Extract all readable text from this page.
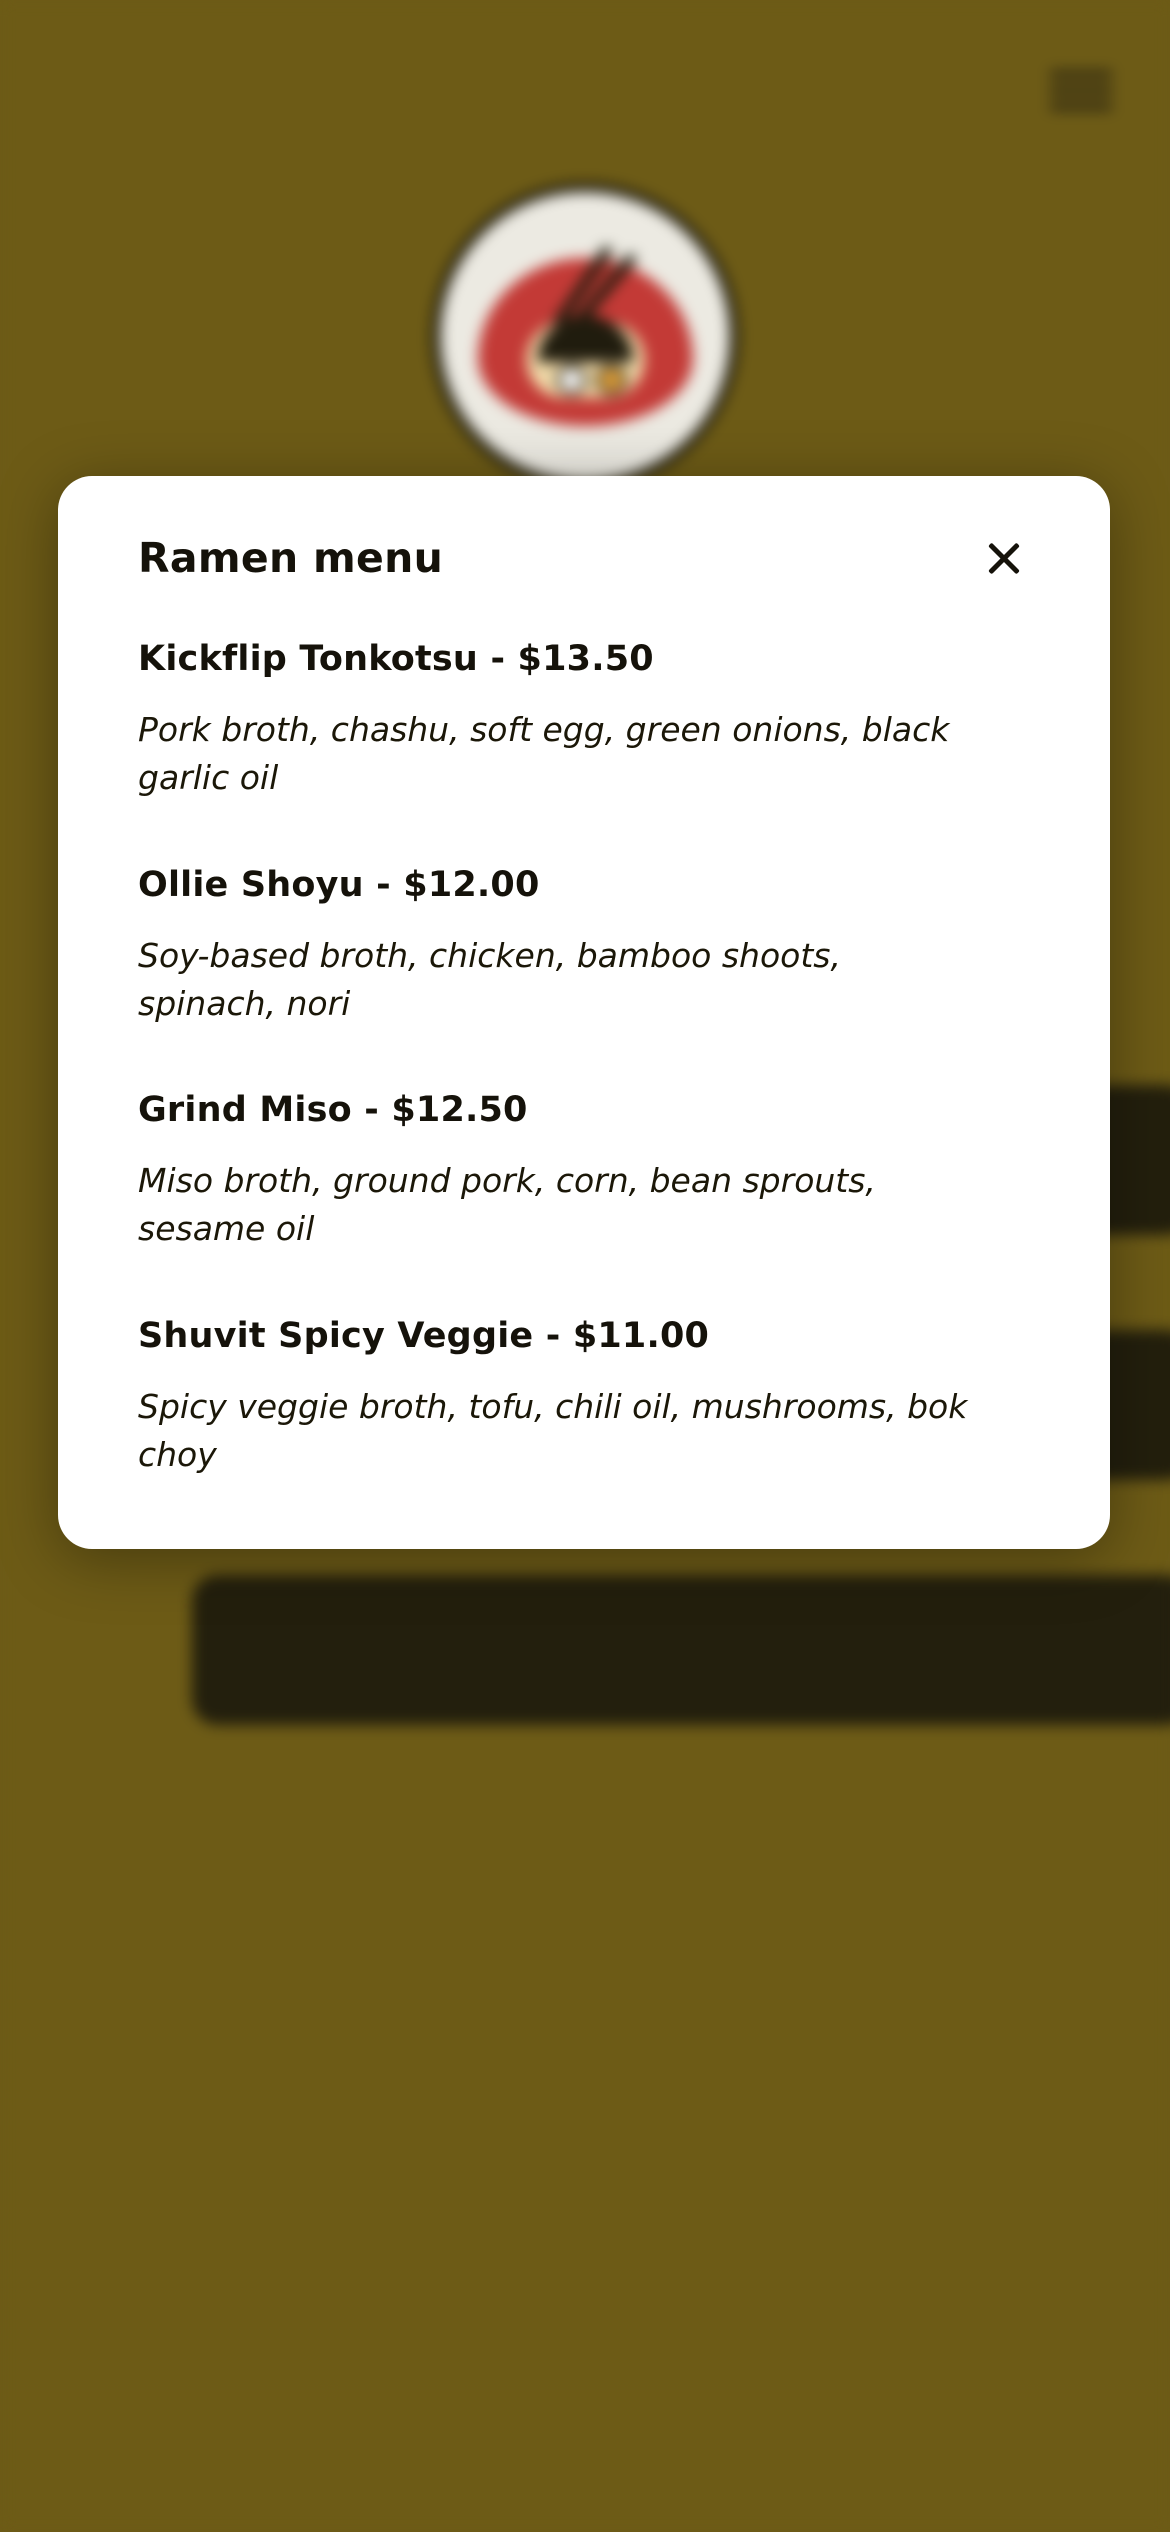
Ramen menu
Kickflip Tonkotsu - $13.50
Pork broth, chashu, soft egg, green onions, black garlic oil
Ollie Shoyu - $12.00
Soy-based broth, chicken, bamboo shoots, spinach, nori
Grind Miso - $12.50
Miso broth, ground pork, corn, bean sprouts, sesame oil
Shuvit Spicy Veggie - $11.00
Spicy veggie broth, tofu, chili oil, mushrooms, bok choy
